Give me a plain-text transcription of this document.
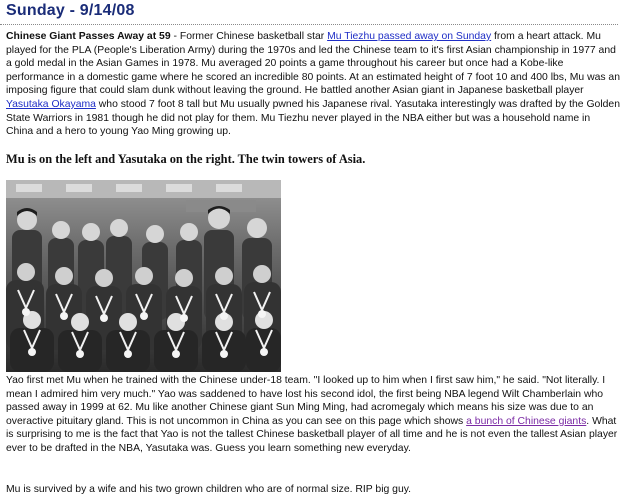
Sunday - 9/14/08

Chinese Giant Passes Away at 59 - Former Chinese basketball star Mu Tiezhu passed away on Sunday from a heart attack. Mu played for the PLA (People's Liberation Army) during the 1970s and led the Chinese team to it's first Asian championship in 1977 and a gold medal in the Asian Games in 1978. Mu averaged 20 points a game throughout his career but once had a Kobe-like performance in a domestic game where he scored an incredible 80 points. At an estimated height of 7 foot 10 and 400 lbs, Mu was an imposing figure that could slam dunk without leaving the ground. He battled another Asian giant in Japanese basketball player Yasutaka Okayama who stood 7 foot 8 tall but Mu usually pwned his Japanese rival. Yasutaka interestingly was drafted by the Golden State Warriors in 1981 though he did not play for them. Mu Tiezhu never played in the NBA either but was a household name in China and a hero to young Yao Ming growing up.

Mu is on the left and Yasutaka on the right. The twin towers of Asia.

Yao first met Mu when he trained with the Chinese under-18 team. "I looked up to him when I first saw him," he said. "Not literally. I mean I admired him very much." Yao was saddened to have lost his second idol, the first being NBA legend Wilt Chamberlain who passed away in 1999 at 62. Mu like another Chinese giant Sun Ming Ming, had acromegaly which means his size was due to an overactive pituitary gland. This is not uncommon in China as you can see on this page which shows a bunch of Chinese giants. What is surprising to me is the fact that Yao is not the tallest Chinese basketball player of all time and he is not even the tallest Asian player ever to be drafted in the NBA, Yasutaka was. Guess you learn something new everyday.

Mu is survived by a wife and his two grown children who are of normal size. RIP big guy.
